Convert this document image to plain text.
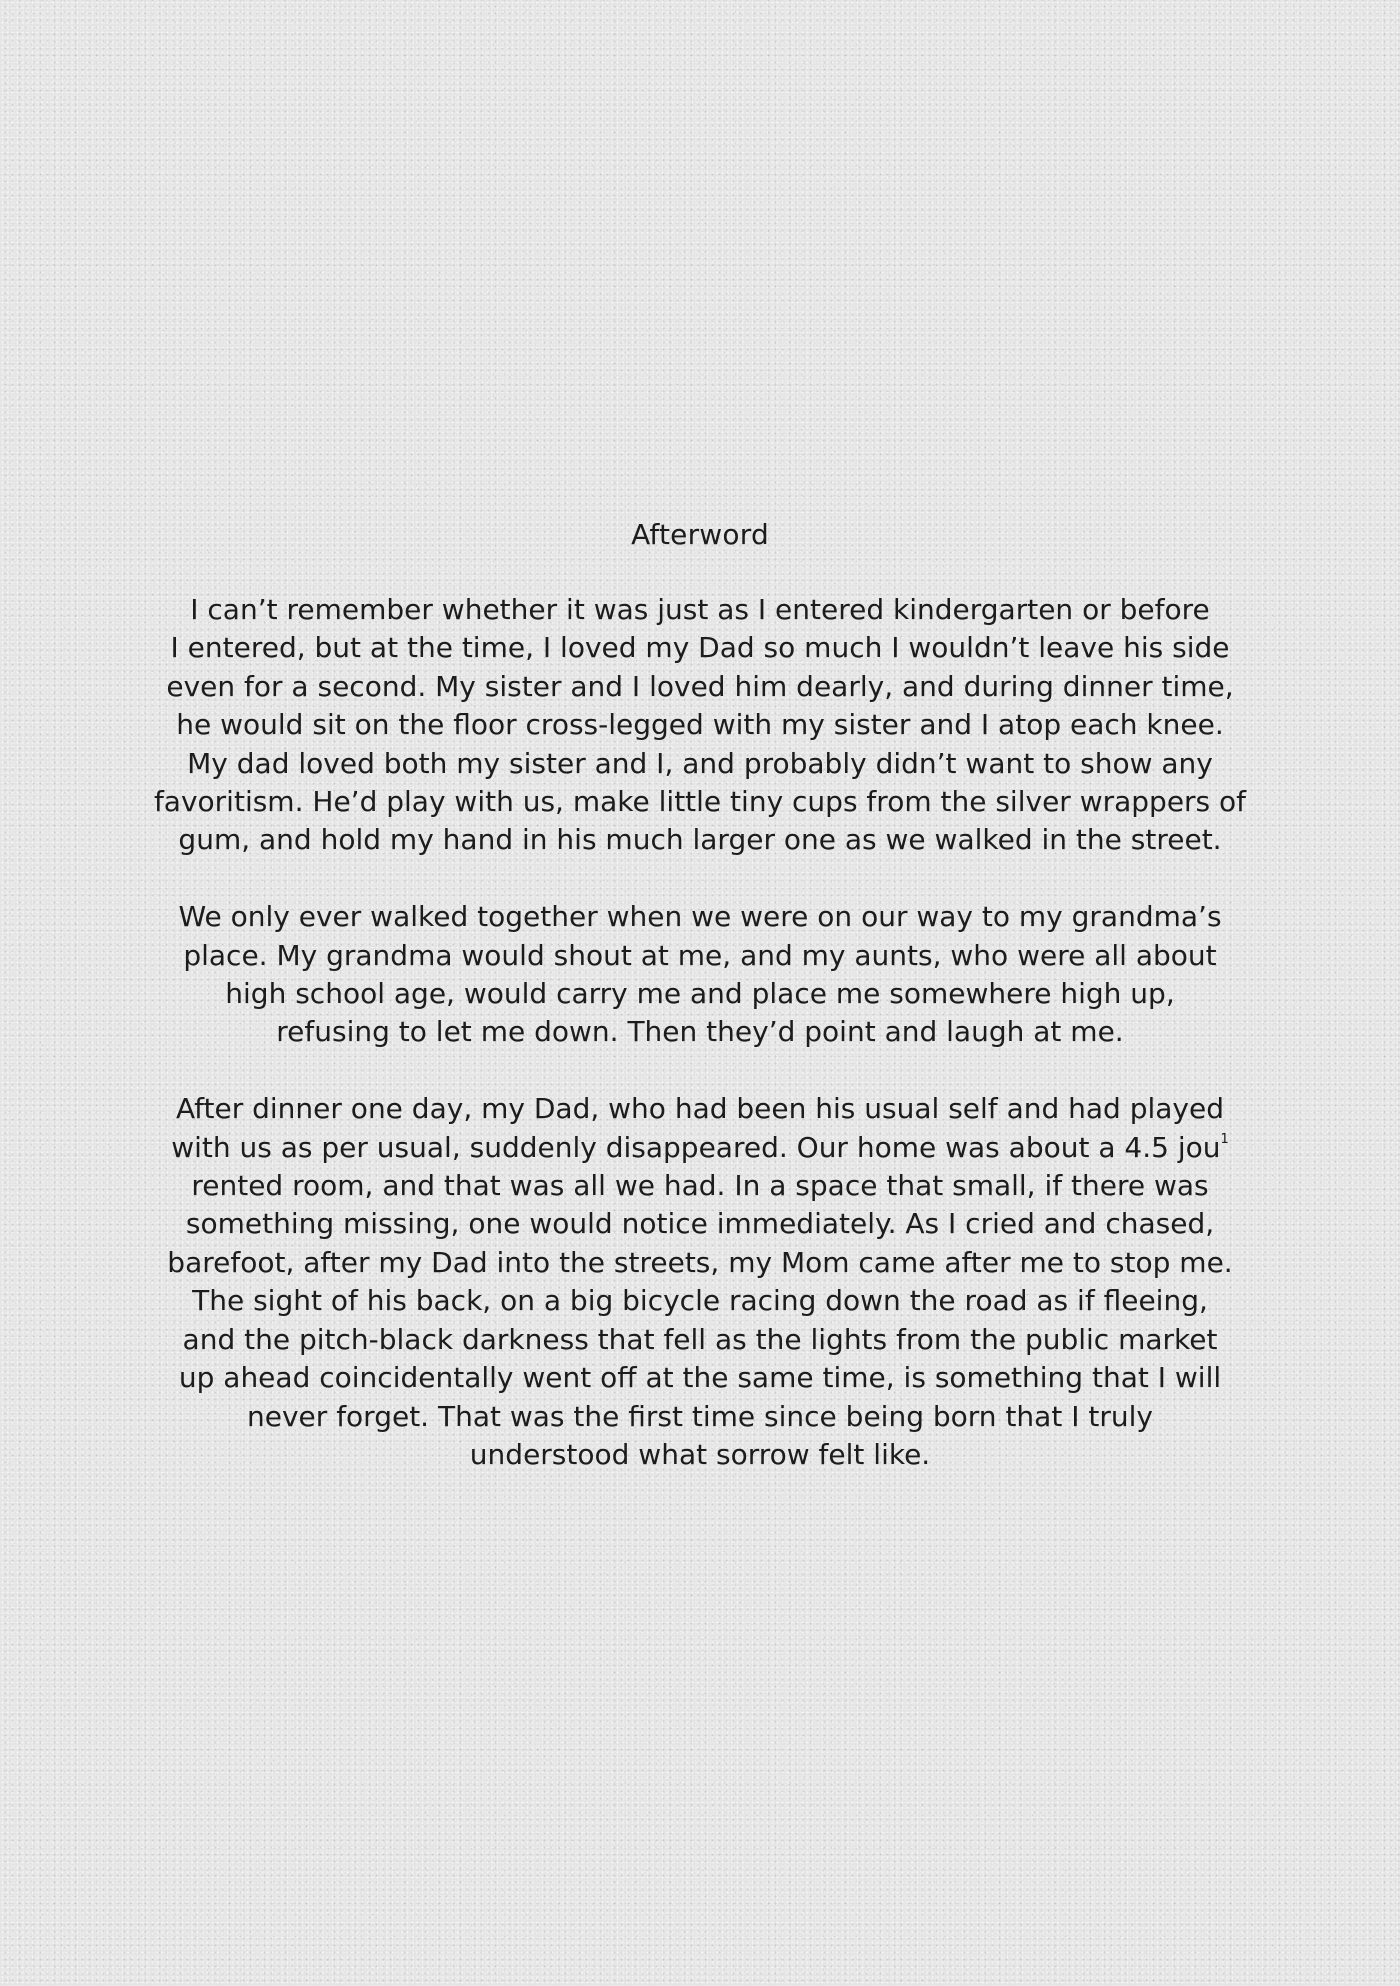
Afterword
I can’t remember whether it was just as I entered kindergarten or before
I entered, but at the time, I loved my Dad so much I wouldn’t leave his side
even for a second. My sister and I loved him dearly, and during dinner time,
he would sit on the floor cross-legged with my sister and I atop each knee.
My dad loved both my sister and I, and probably didn’t want to show any
favoritism. He’d play with us, make little tiny cups from the silver wrappers of
gum, and hold my hand in his much larger one as we walked in the street.
We only ever walked together when we were on our way to my grandma’s
place. My grandma would shout at me, and my aunts, who were all about
high school age, would carry me and place me somewhere high up,
refusing to let me down. Then they’d point and laugh at me.
After dinner one day, my Dad, who had been his usual self and had played
with us as per usual, suddenly disappeared. Our home was about a 4.5 jou$^1$
rented room, and that was all we had. In a space that small, if there was
something missing, one would notice immediately. As I cried and chased,
barefoot, after my Dad into the streets, my Mom came after me to stop me.
The sight of his back, on a big bicycle racing down the road as if fleeing,
and the pitch-black darkness that fell as the lights from the public market
up ahead coincidentally went off at the same time, is something that I will
never forget. That was the first time since being born that I truly
understood what sorrow felt like.
